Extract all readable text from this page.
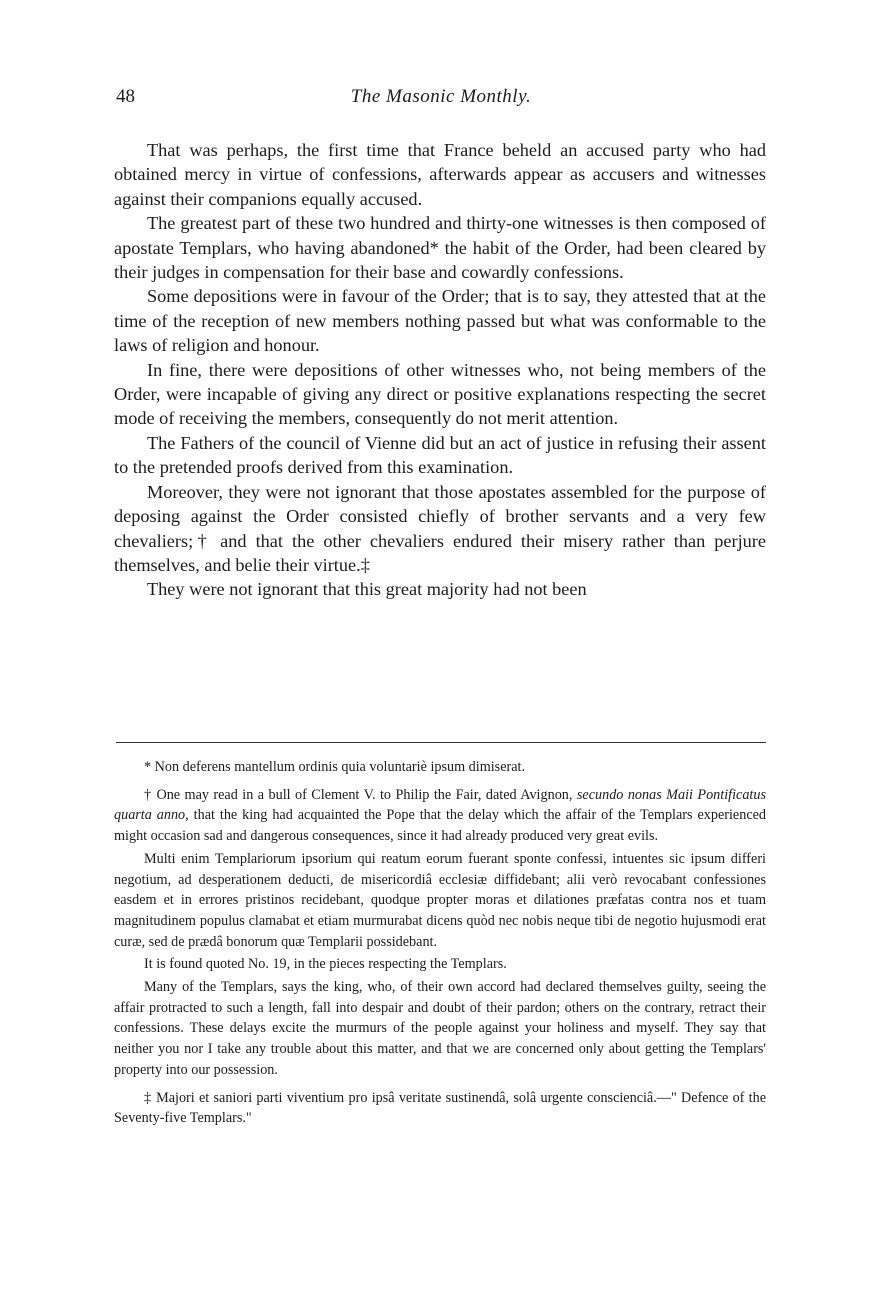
48	The Masonic Monthly.

That was perhaps, the first time that France beheld an accused party who had obtained mercy in virtue of confessions, afterwards appear as accusers and witnesses against their companions equally accused.

The greatest part of these two hundred and thirty-one witnesses is then composed of apostate Templars, who having abandoned* the habit of the Order, had been cleared by their judges in compensation for their base and cowardly confessions.

Some depositions were in favour of the Order; that is to say, they attested that at the time of the reception of new members nothing passed but what was conformable to the laws of religion and honour.

In fine, there were depositions of other witnesses who, not being members of the Order, were incapable of giving any direct or positive explanations respecting the secret mode of receiving the members, consequently do not merit attention.

The Fathers of the council of Vienne did but an act of justice in refusing their assent to the pretended proofs derived from this examination.

Moreover, they were not ignorant that those apostates assembled for the purpose of deposing against the Order consisted chiefly of brother servants and a very few chevaliers;† and that the other chevaliers endured their misery rather than perjure themselves, and belie their virtue.‡

They were not ignorant that this great majority had not been

* Non deferens mantellum ordinis quia voluntariè ipsum dimiserat.

† One may read in a bull of Clement V. to Philip the Fair, dated Avignon, secundo nonas Maii Pontificatus quarta anno, that the king had acquainted the Pope that the delay which the affair of the Templars experienced might occasion sad and dangerous consequences, since it had already produced very great evils.

Multi enim Templariorum ipsorium qui reatum eorum fuerant sponte confessi, intuentes sic ipsum differi negotium, ad desperationem deducti, de misericordiâ ecclesiæ diffidebant; alii verò revocabant confessiones easdem et in errores pristinos recidebant, quodque propter moras et dilationes præfatas contra nos et tuam magnitudinem populus clamabat et etiam murmurabat dicens quòd nec nobis neque tibi de negotio hujusmodi erat curæ, sed de prædâ bonorum quæ Templarii possidebant.

It is found quoted No. 19, in the pieces respecting the Templars.

Many of the Templars, says the king, who, of their own accord had declared themselves guilty, seeing the affair protracted to such a length, fall into despair and doubt of their pardon; others on the contrary, retract their confessions. These delays excite the murmurs of the people against your holiness and myself. They say that neither you nor I take any trouble about this matter, and that we are concerned only about getting the Templars' property into our possession.

‡ Majori et saniori parti viventium pro ipsâ veritate sustinendâ, solâ urgente conscienciâ.—" Defence of the Seventy-five Templars."
